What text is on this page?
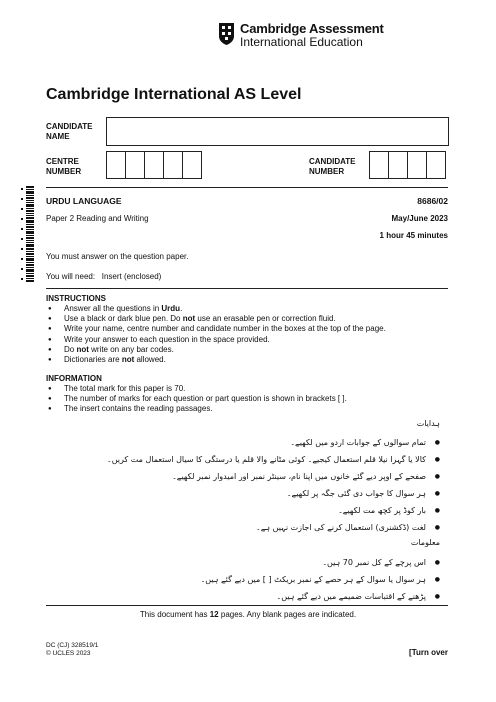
Cambridge Assessment
International Education
Cambridge International AS Level
CANDIDATE
NAME
CENTRE
NUMBER
CANDIDATE
NUMBER
URDU LANGUAGE	8686/02
Paper 2 Reading and Writing	May/June 2023
1 hour 45 minutes
You must answer on the question paper.
You will need: Insert (enclosed)
INSTRUCTIONS
● Answer all the questions in Urdu.
● Use a black or dark blue pen. Do not use an erasable pen or correction fluid.
● Write your name, centre number and candidate number in the boxes at the top of the page.
● Write your answer to each question in the space provided.
● Do not write on any bar codes.
● Dictionaries are not allowed.
INFORMATION
● The total mark for this paper is 70.
● The number of marks for each question or part question is shown in brackets [ ].
● The insert contains the reading passages.
ہدایات
● تمام سوالوں کے جوابات اردو میں لکھیے۔
● کالا یا گہرا نیلا قلم استعمال کیجیے۔ کوئی مٹانے والا قلم یا درستگی کا سیال استعمال مت کریں۔
● صفحے کے اوپر دیے گئے خانوں میں اپنا نام، سینٹر نمبر اور امیدوار نمبر لکھیے۔
● ہر سوال کا جواب دی گئی جگہ پر لکھیے۔
● بار کوڈ پر کچھ مت لکھیے۔
● لغت (ڈکشنری) استعمال کرنے کی اجازت نہیں ہے۔
معلومات
● اس پرچے کے کل نمبر 70 ہیں۔
● ہر سوال یا سوال کے ہر حصے کے نمبر بریکٹ [ ] میں دیے گئے ہیں۔
● پڑھنے کے اقتباسات ضمیمے میں دیے گئے ہیں۔
This document has 12 pages. Any blank pages are indicated.
DC (CJ) 328519/1
© UCLES 2023	[Turn over
